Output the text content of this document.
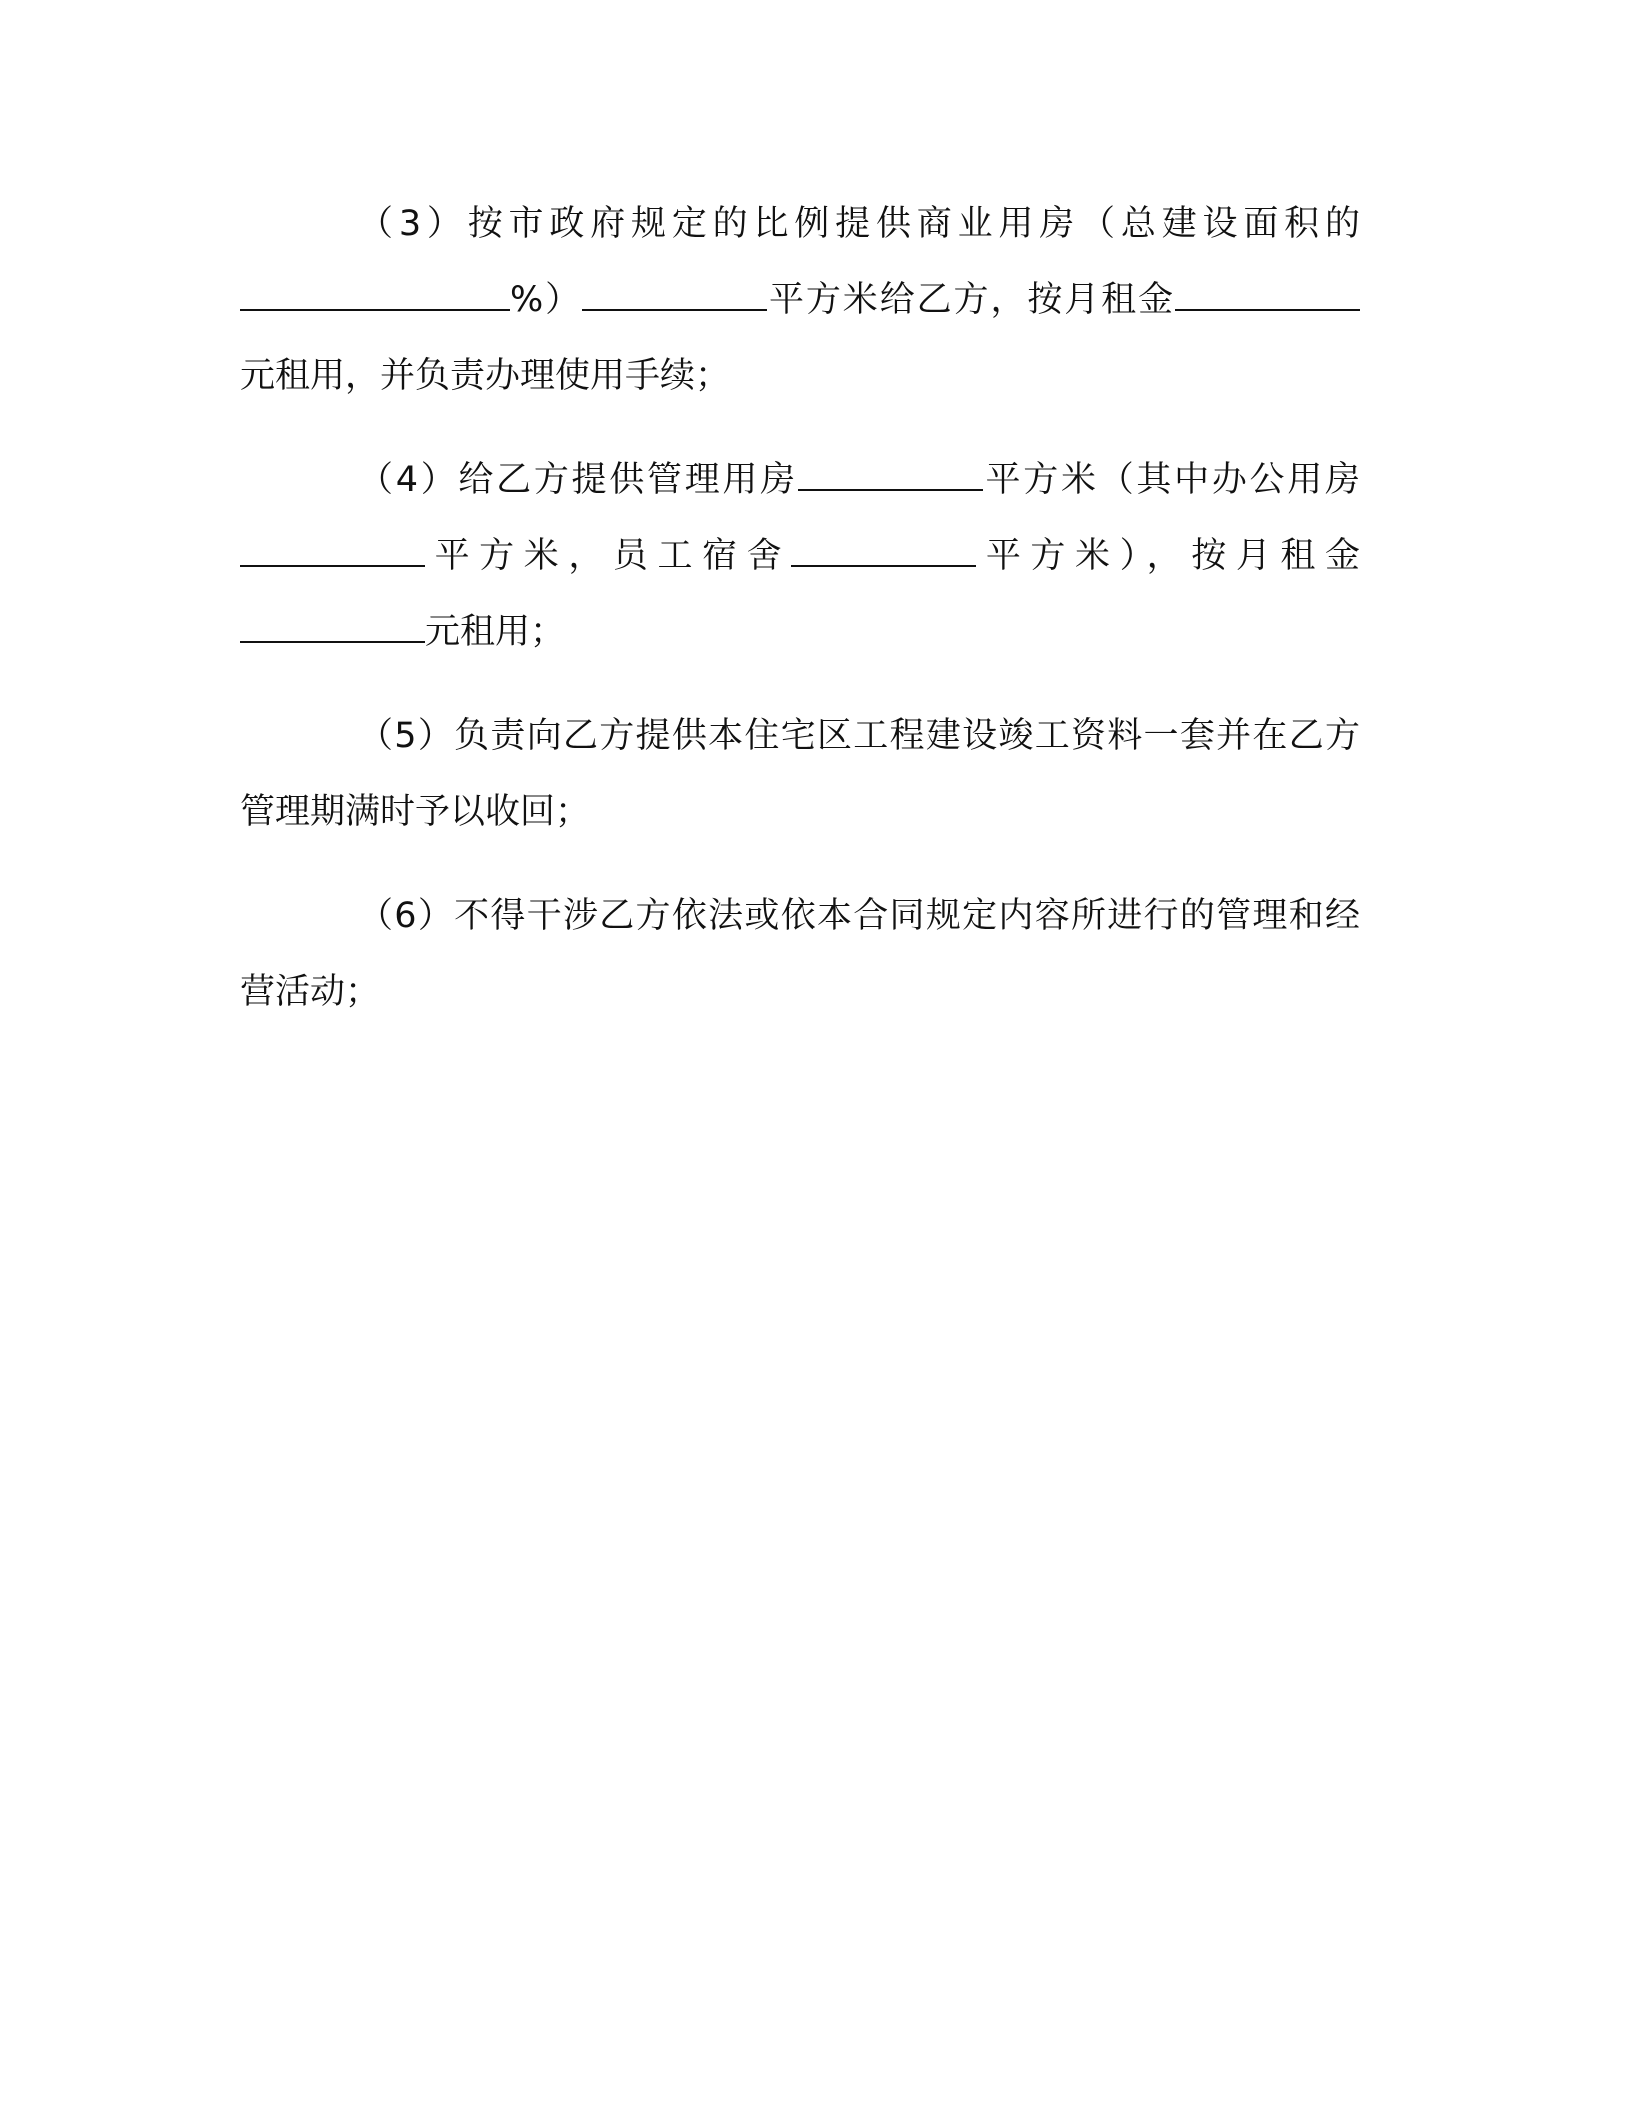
（3）按市政府规定的比例提供商业用房（总建设面积的%）	平方米给乙方，按月租金元租用，并负责办理使用手续；

（4）给乙方提供管理用房	平方米（其中办公用房平方米，员工宿舍	平方米），按月租金元租用；

（5）负责向乙方提供本住宅区工程建设竣工资料一套并在乙方管理期满时予以收回；

（6）不得干涉乙方依法或依本合同规定内容所进行的管理和经营活动；
